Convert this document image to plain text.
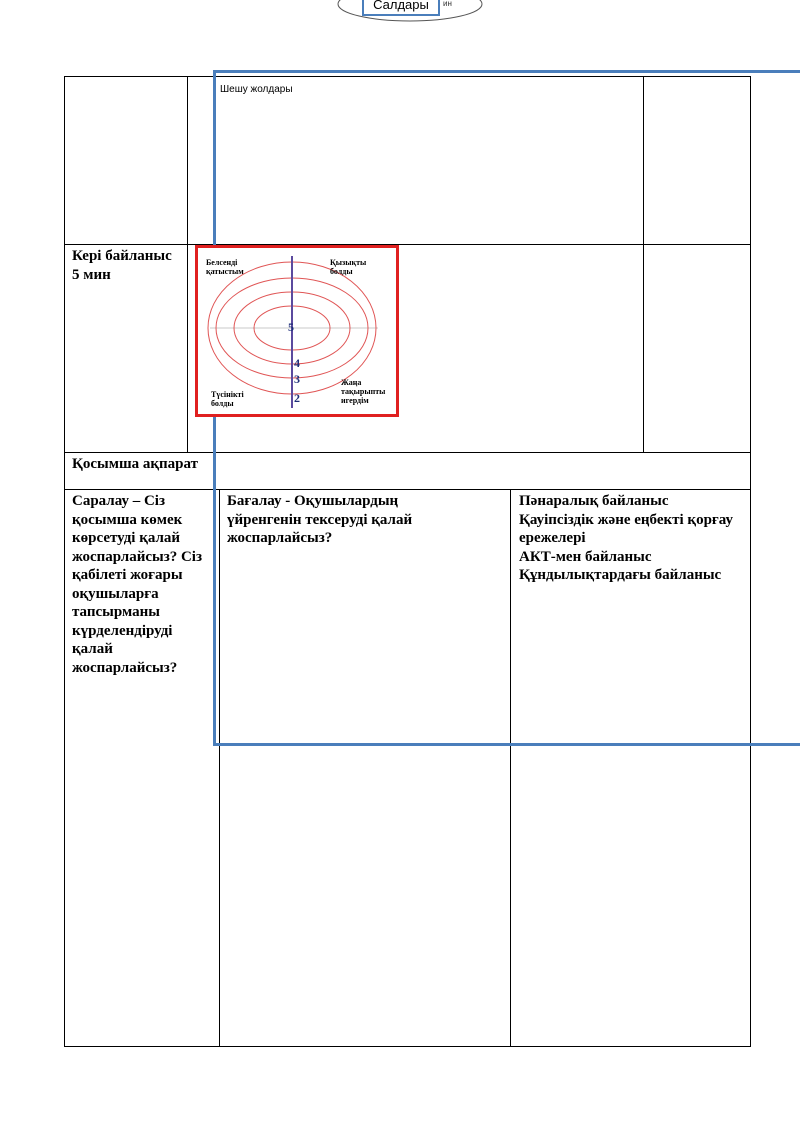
Салдары	ин
Шешу жолдары
Кері байланыс
5 мин
Қосымша ақпарат
Саралау – Сіз қосымша көмек көрсетуді қалай жоспарлайсыз? Сіз қабілеті жоғары оқушыларға тапсырманы күрделендіруді қалай жоспарлайсыз?
Бағалау - Оқушылардың үйренгенін тексеруді қалай жоспарлайсыз?
Пәнаралық байланыс
Қауіпсіздік және еңбекті қорғау ережелері
АКТ-мен байланыс
Құндылықтардағы байланыс
Белсенді қатыстым
Қызықты болды
Түсінікті болды
Жаңа тақырыпты игердім
5
4
3
2
